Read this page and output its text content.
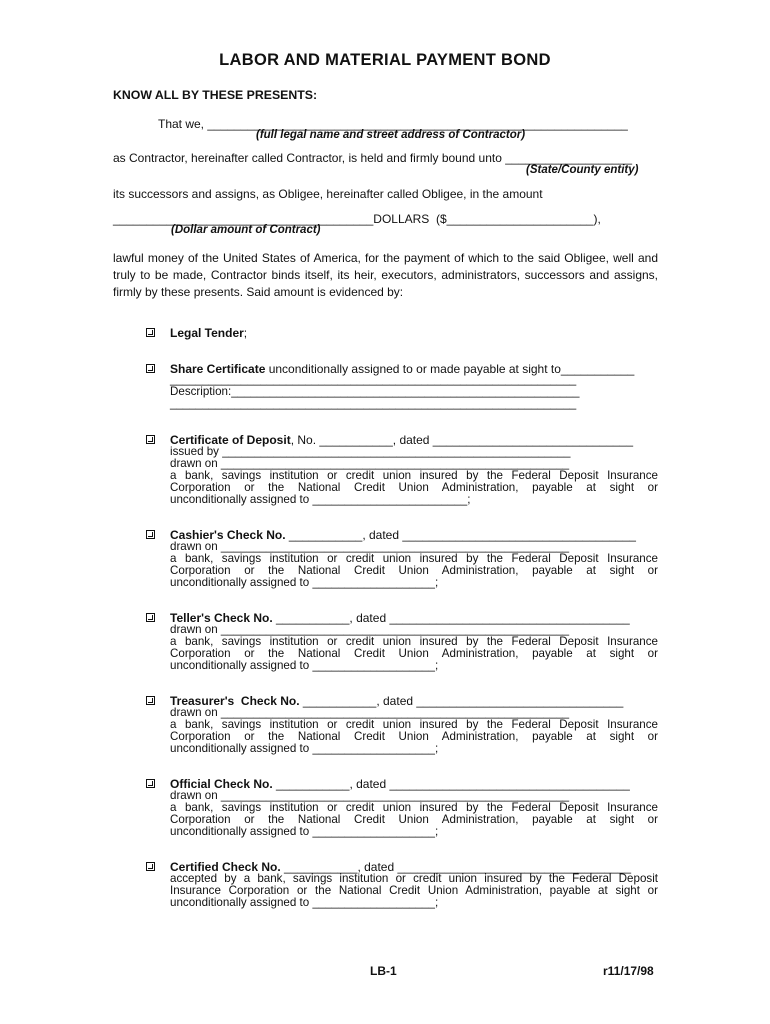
LABOR AND MATERIAL PAYMENT BOND
KNOW ALL BY THESE PRESENTS:
That we, _______________________________________________________________
(full legal name and street address of Contractor)
as Contractor, hereinafter called Contractor, is held and firmly bound unto ___________________
(State/County entity)
its successors and assigns, as Obligee, hereinafter called Obligee, in the amount
_______________________________________DOLLARS  ($______________________),
(Dollar amount of Contract)
lawful money of the United States of America, for the payment of which to the said Obligee, well and truly to be made, Contractor binds itself, its heir, executors, administrators, successors and assigns, firmly by these presents. Said amount is evidenced by:
Legal Tender;
Share Certificate unconditionally assigned to or made payable at sight to___________
_______________________________________________________________
Description:______________________________________________________
_______________________________________________________________
Certificate of Deposit, No. ___________, dated ______________________________
issued by ______________________________________________________
drawn on ______________________________________________________
a bank, savings institution or credit union insured by the Federal Deposit Insurance
Corporation or the National Credit Union Administration, payable at sight or
unconditionally assigned to ________________________;
Cashier's Check No. ___________, dated ___________________________________
drawn on ______________________________________________________
a bank, savings institution or credit union insured by the Federal Deposit Insurance
Corporation or the National Credit Union Administration, payable at sight or
unconditionally assigned to ___________________;
Teller's Check No. ___________, dated ____________________________________
drawn on ______________________________________________________
a bank, savings institution or credit union insured by the Federal Deposit Insurance
Corporation or the National Credit Union Administration, payable at sight or
unconditionally assigned to ___________________;
Treasurer's  Check No. ___________, dated _______________________________
drawn on ______________________________________________________
a bank, savings institution or credit union insured by the Federal Deposit Insurance
Corporation or the National Credit Union Administration, payable at sight or
unconditionally assigned to ___________________;
Official Check No. ___________, dated ____________________________________
drawn on ______________________________________________________
a bank, savings institution or credit union insured by the Federal Deposit Insurance
Corporation or the National Credit Union Administration, payable at sight or
unconditionally assigned to ___________________;
Certified Check No. ___________, dated ___________________________________
accepted by a bank, savings institution or credit union insured by the Federal Deposit
Insurance Corporation or the National Credit Union Administration, payable at sight or
unconditionally assigned to ___________________;
LB-1	r11/17/98
